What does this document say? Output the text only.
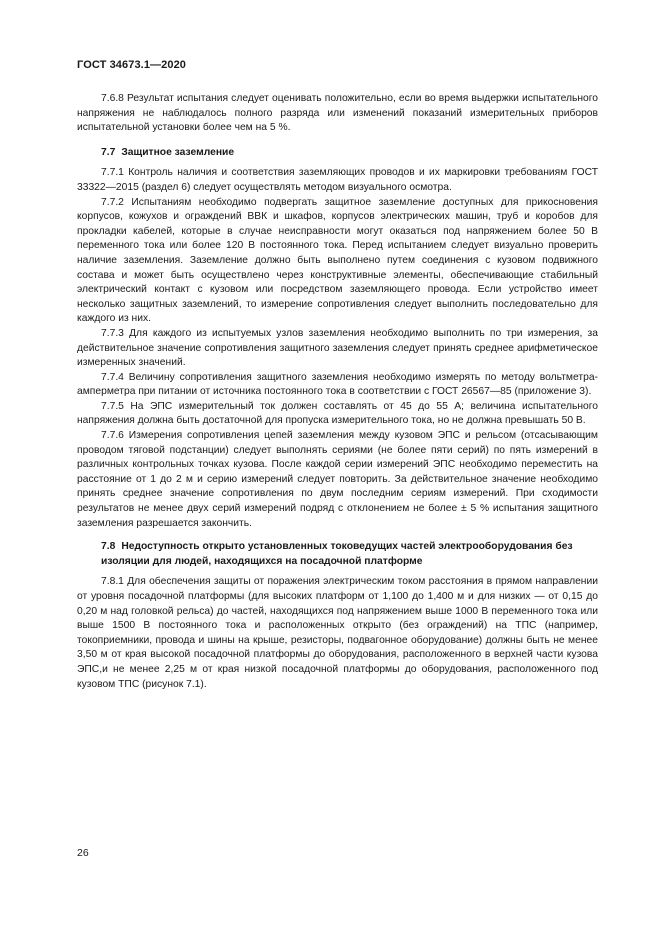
ГОСТ 34673.1—2020

7.6.8 Результат испытания следует оценивать положительно, если во время выдержки испытательного напряжения не наблюдалось полного разряда или изменений показаний измерительных приборов испытательной установки более чем на 5 %.

7.7 Защитное заземление

7.7.1 Контроль наличия и соответствия заземляющих проводов и их маркировки требованиям ГОСТ 33322—2015 (раздел 6) следует осуществлять методом визуального осмотра.

7.7.2 Испытаниям необходимо подвергать защитное заземление доступных для прикосновения корпусов, кожухов и ограждений ВВК и шкафов, корпусов электрических машин, труб и коробов для прокладки кабелей, которые в случае неисправности могут оказаться под напряжением более 50 В переменного тока или более 120 В постоянного тока. Перед испытанием следует визуально проверить наличие заземления. Заземление должно быть выполнено путем соединения с кузовом подвижного состава и может быть осуществлено через конструктивные элементы, обеспечивающие стабильный электрический контакт с кузовом или посредством заземляющего провода. Если устройство имеет несколько защитных заземлений, то измерение сопротивления следует выполнить последовательно для каждого из них.

7.7.3 Для каждого из испытуемых узлов заземления необходимо выполнить по три измерения, за действительное значение сопротивления защитного заземления следует принять среднее арифметическое измеренных значений.

7.7.4 Величину сопротивления защитного заземления необходимо измерять по методу вольтметра-амперметра при питании от источника постоянного тока в соответствии с ГОСТ 26567—85 (приложение 3).

7.7.5 На ЭПС измерительный ток должен составлять от 45 до 55 А; величина испытательного напряжения должна быть достаточной для пропуска измерительного тока, но не должна превышать 50 В.

7.7.6 Измерения сопротивления цепей заземления между кузовом ЭПС и рельсом (отсасывающим проводом тяговой подстанции) следует выполнять сериями (не более пяти серий) по пять измерений в различных контрольных точках кузова. После каждой серии измерений ЭПС необходимо переместить на расстояние от 1 до 2 м и серию измерений следует повторить. За действительное значение необходимо принять среднее значение сопротивления по двум последним сериям измерений. При сходимости результатов не менее двух серий измерений подряд с отклонением не более ± 5 % испытания защитного заземления разрешается закончить.

7.8 Недоступность открыто установленных токоведущих частей электрооборудования без изоляции для людей, находящихся на посадочной платформе

7.8.1 Для обеспечения защиты от поражения электрическим током расстояния в прямом направлении от уровня посадочной платформы (для высоких платформ от 1,100 до 1,400 м и для низких — от 0,15 до 0,20 м над головкой рельса) до частей, находящихся под напряжением выше 1000 В переменного тока или выше 1500 В постоянного тока и расположенных открыто (без ограждений) на ТПС (например, токоприемники, провода и шины на крыше, резисторы, подвагонное оборудование) должны быть не менее 3,50 м от края высокой посадочной платформы до оборудования, расположенного в верхней части кузова ЭПС,и не менее 2,25 м от края низкой посадочной платформы до оборудования, расположенного под кузовом ТПС (рисунок 7.1).

26
